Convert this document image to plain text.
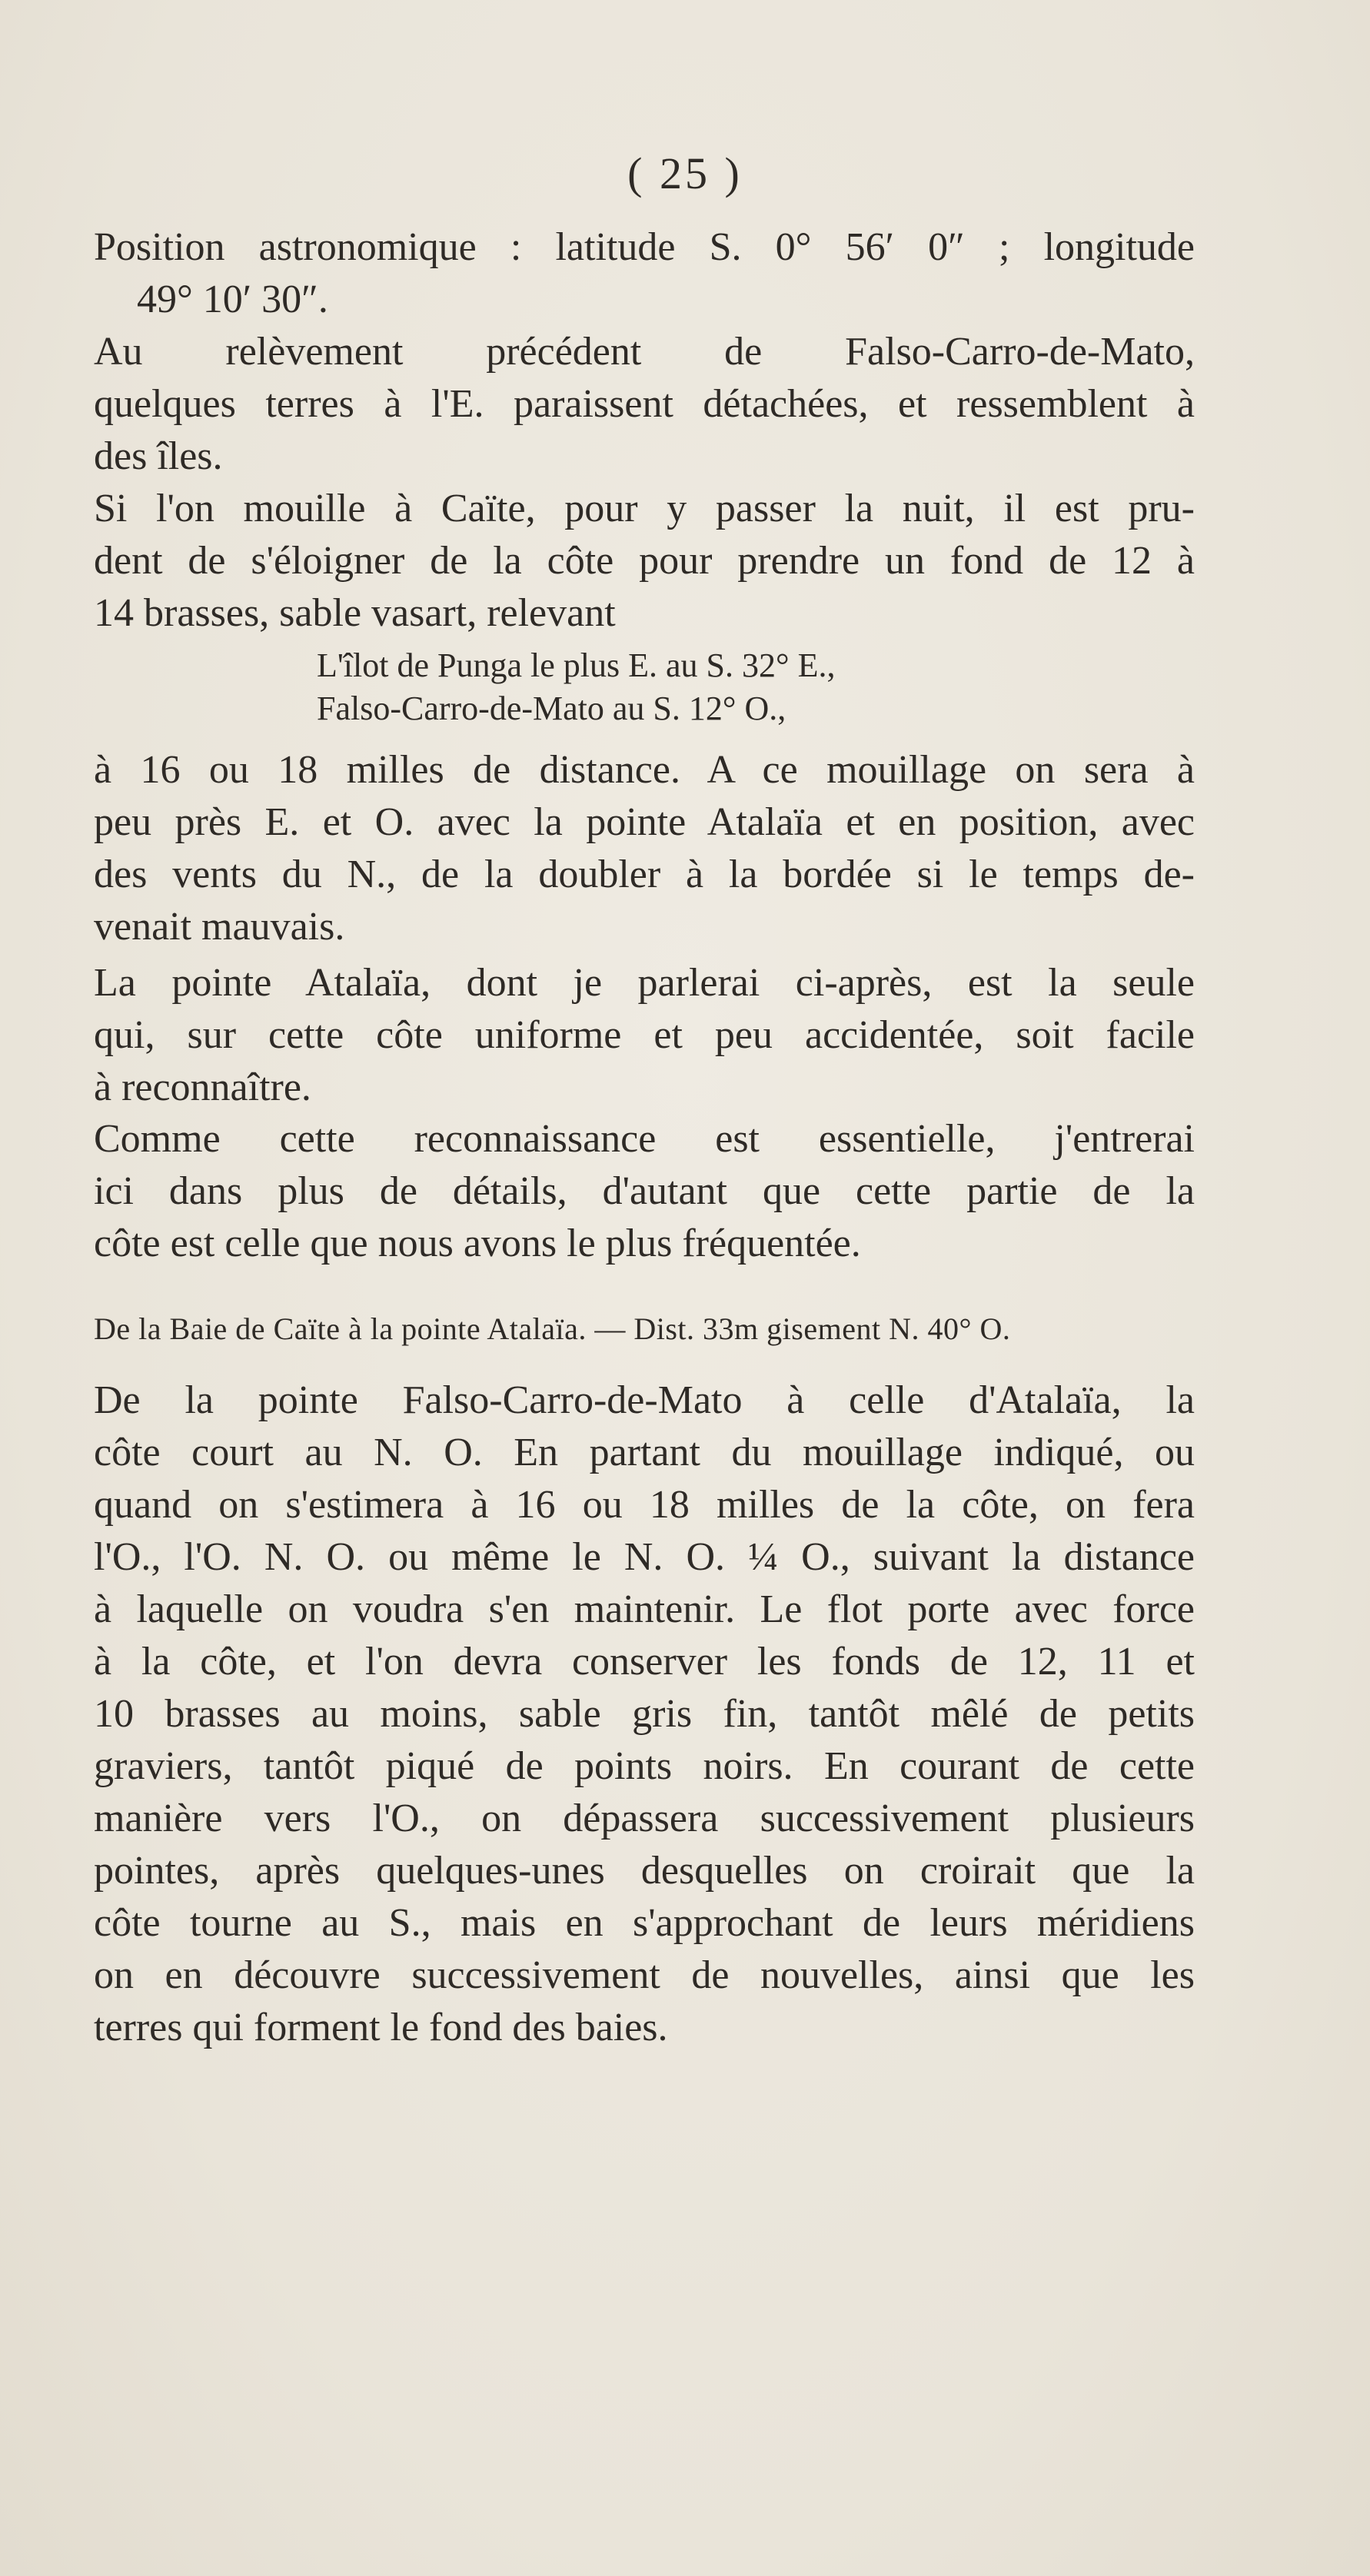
( 25 )
Position astronomique : latitude S. 0° 56′ 0″ ; longitude
49° 10′ 30″.
Au relèvement précédent de Falso-Carro-de-Mato,
quelques terres à l'E. paraissent détachées, et ressemblent à
des îles.
Si l'on mouille à Caïte, pour y passer la nuit, il est pru-
dent de s'éloigner de la côte pour prendre un fond de 12 à
14 brasses, sable vasart, relevant
L'îlot de Punga le plus E. au S. 32° E.,
Falso-Carro-de-Mato au S. 12° O.,
à 16 ou 18 milles de distance. A ce mouillage on sera à
peu près E. et O. avec la pointe Atalaïa et en position, avec
des vents du N., de la doubler à la bordée si le temps de-
venait mauvais.
La pointe Atalaïa, dont je parlerai ci-après, est la seule
qui, sur cette côte uniforme et peu accidentée, soit facile
à reconnaître.
Comme cette reconnaissance est essentielle, j'entrerai
ici dans plus de détails, d'autant que cette partie de la
côte est celle que nous avons le plus fréquentée.
De la Baie de Caïte à la pointe Atalaïa. — Dist. 33m gisement N. 40° O.
De la pointe Falso-Carro-de-Mato à celle d'Atalaïa, la
côte court au N. O. En partant du mouillage indiqué, ou
quand on s'estimera à 16 ou 18 milles de la côte, on fera
l'O., l'O. N. O. ou même le N. O. ¼ O., suivant la distance
à laquelle on voudra s'en maintenir. Le flot porte avec force
à la côte, et l'on devra conserver les fonds de 12, 11 et
10 brasses au moins, sable gris fin, tantôt mêlé de petits
graviers, tantôt piqué de points noirs. En courant de cette
manière vers l'O., on dépassera successivement plusieurs
pointes, après quelques-unes desquelles on croirait que la
côte tourne au S., mais en s'approchant de leurs méridiens
on en découvre successivement de nouvelles, ainsi que les
terres qui forment le fond des baies.
